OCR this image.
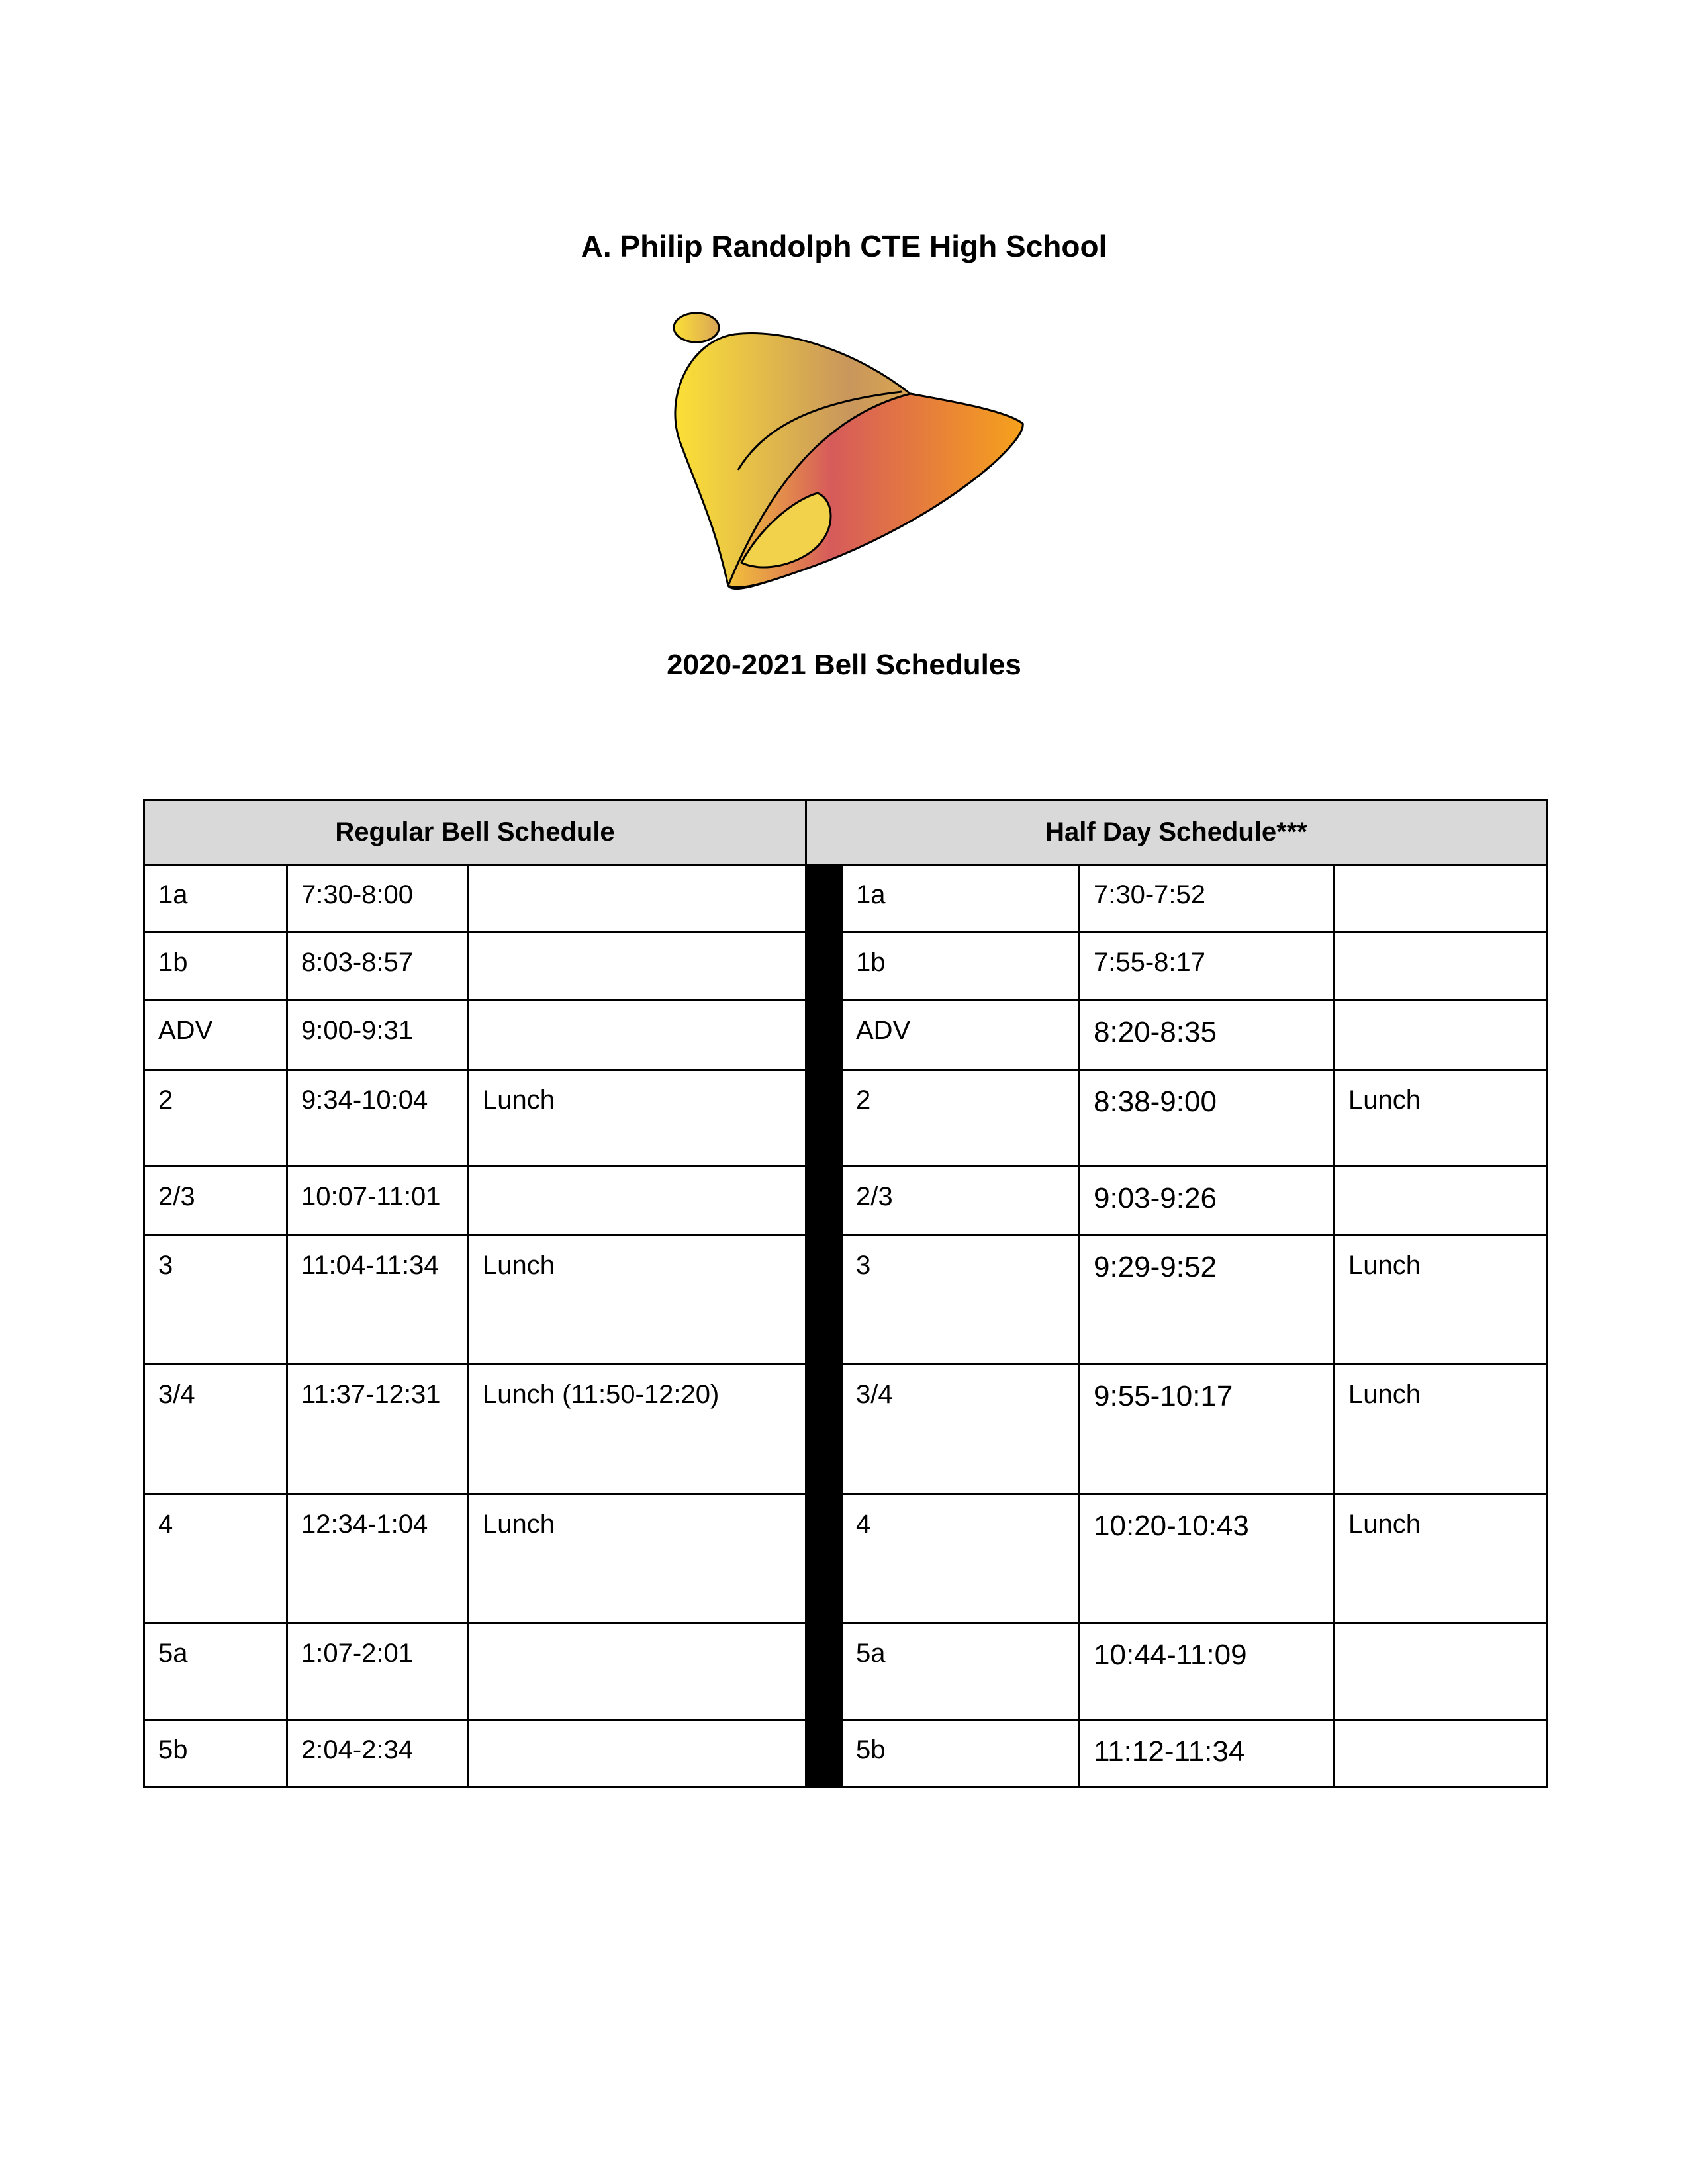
A. Philip Randolph CTE High School
2020-2021 Bell Schedules
Regular Bell Schedule			Half Day Schedule***			
1a	7:30-8:00			1a	7:30-7:52	
1b	8:03-8:57			1b	7:55-8:17	
ADV	9:00-9:31			ADV	8:20-8:35	
2	9:34-10:04	Lunch		2	8:38-9:00	Lunch
2/3	10:07-11:01			2/3	9:03-9:26	
3	11:04-11:34	Lunch		3	9:29-9:52	Lunch
3/4	11:37-12:31	Lunch (11:50-12:20)		3/4	9:55-10:17	Lunch
4	12:34-1:04	Lunch		4	10:20-10:43	Lunch
5a	1:07-2:01			5a	10:44-11:09	
5b	2:04-2:34			5b	11:12-11:34	
